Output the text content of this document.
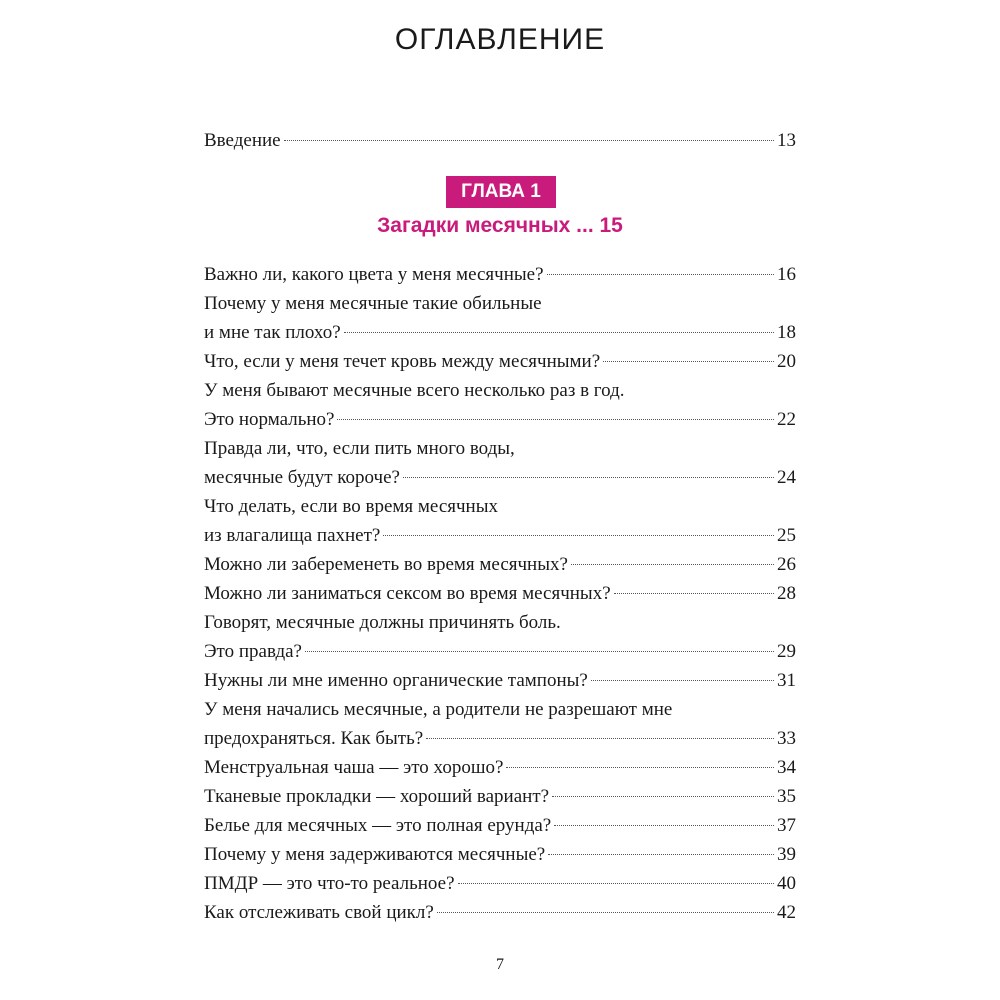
ОГЛАВЛЕНИЕ
Введение	13
ГЛАВА 1
Загадки месячных ... 15
Важно ли, какого цвета у меня месячные?	16
Почему у меня месячные такие обильные
и мне так плохо?	18
Что, если у меня течет кровь между месячными?	20
У меня бывают месячные всего несколько раз в год.
Это нормально?	22
Правда ли, что, если пить много воды,
месячные будут короче?	24
Что делать, если во время месячных
из влагалища пахнет?	25
Можно ли забеременеть во время месячных?	26
Можно ли заниматься сексом во время месячных?	28
Говорят, месячные должны причинять боль.
Это правда?	29
Нужны ли мне именно органические тампоны?	31
У меня начались месячные, а родители не разрешают мне
предохраняться. Как быть?	33
Менструальная чаша — это хорошо?	34
Тканевые прокладки — хороший вариант?	35
Белье для месячных — это полная ерунда?	37
Почему у меня задерживаются месячные?	39
ПМДР — это что-то реальное?	40
Как отслеживать свой цикл?	42
7
